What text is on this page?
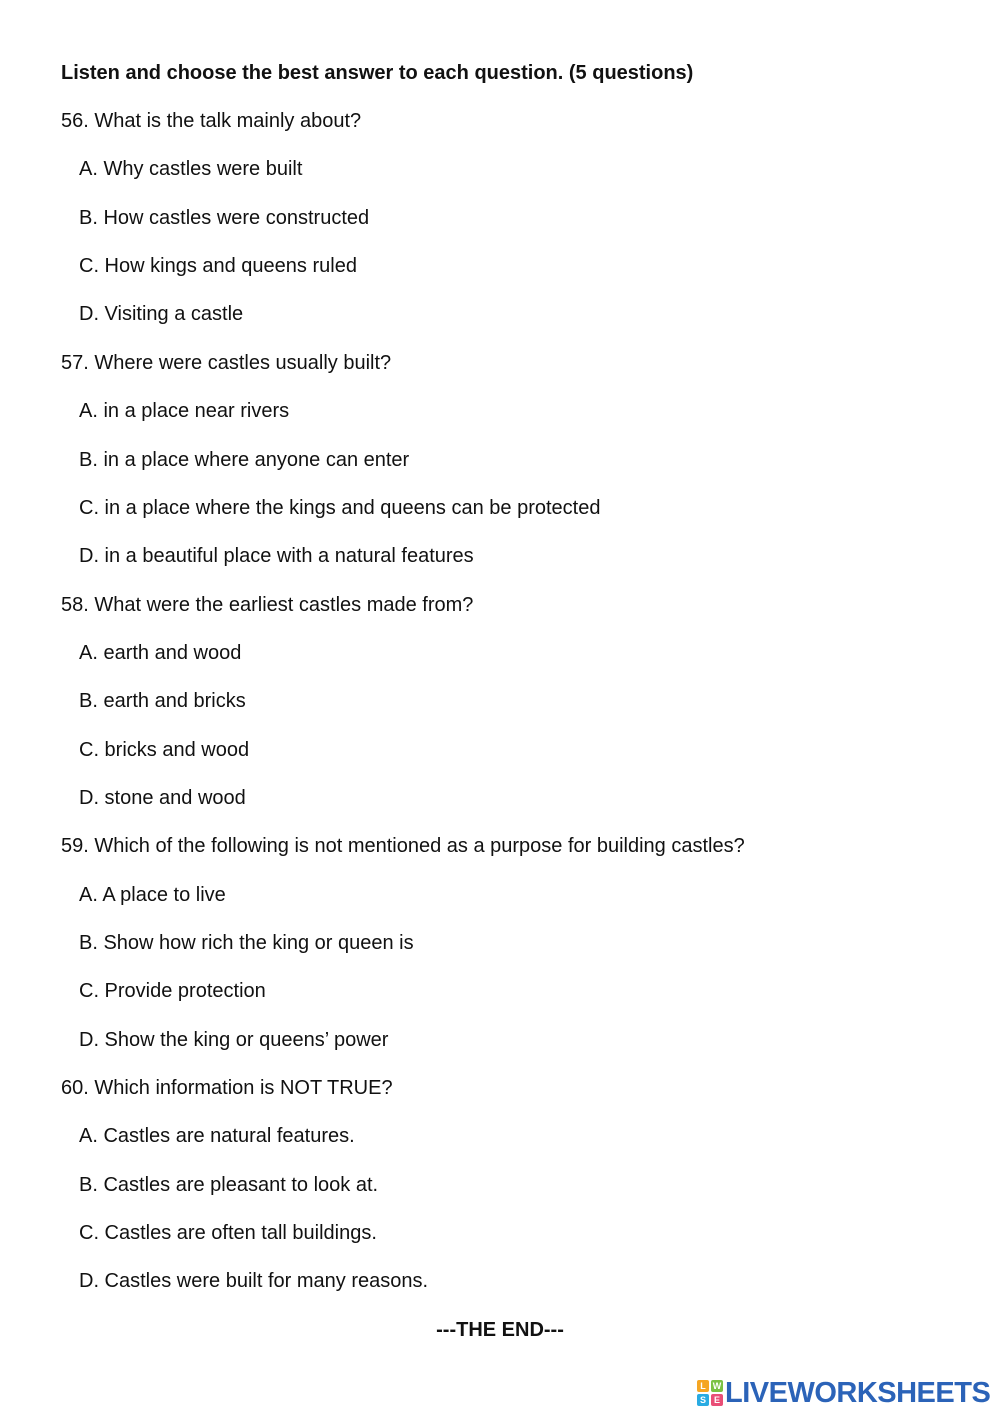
Listen and choose the best answer to each question. (5 questions)
56. What is the talk mainly about?
A. Why castles were built
B. How castles were constructed
C. How kings and queens ruled
D. Visiting a castle
57. Where were castles usually built?
A. in a place near rivers
B. in a place where anyone can enter
C. in a place where the kings and queens can be protected
D. in a beautiful place with a natural features
58. What were the earliest castles made from?
A. earth and wood
B. earth and bricks
C. bricks and wood
D. stone and wood
59. Which of the following is not mentioned as a purpose for building castles?
A. A place to live
B. Show how rich the king or queen is
C. Provide protection
D. Show the king or queens’ power
60. Which information is NOT TRUE?
A. Castles are natural features.
B. Castles are pleasant to look at.
C. Castles are often tall buildings.
D. Castles were built for many reasons.
---THE END---
L W
S E LIVEWORKSHEETS
